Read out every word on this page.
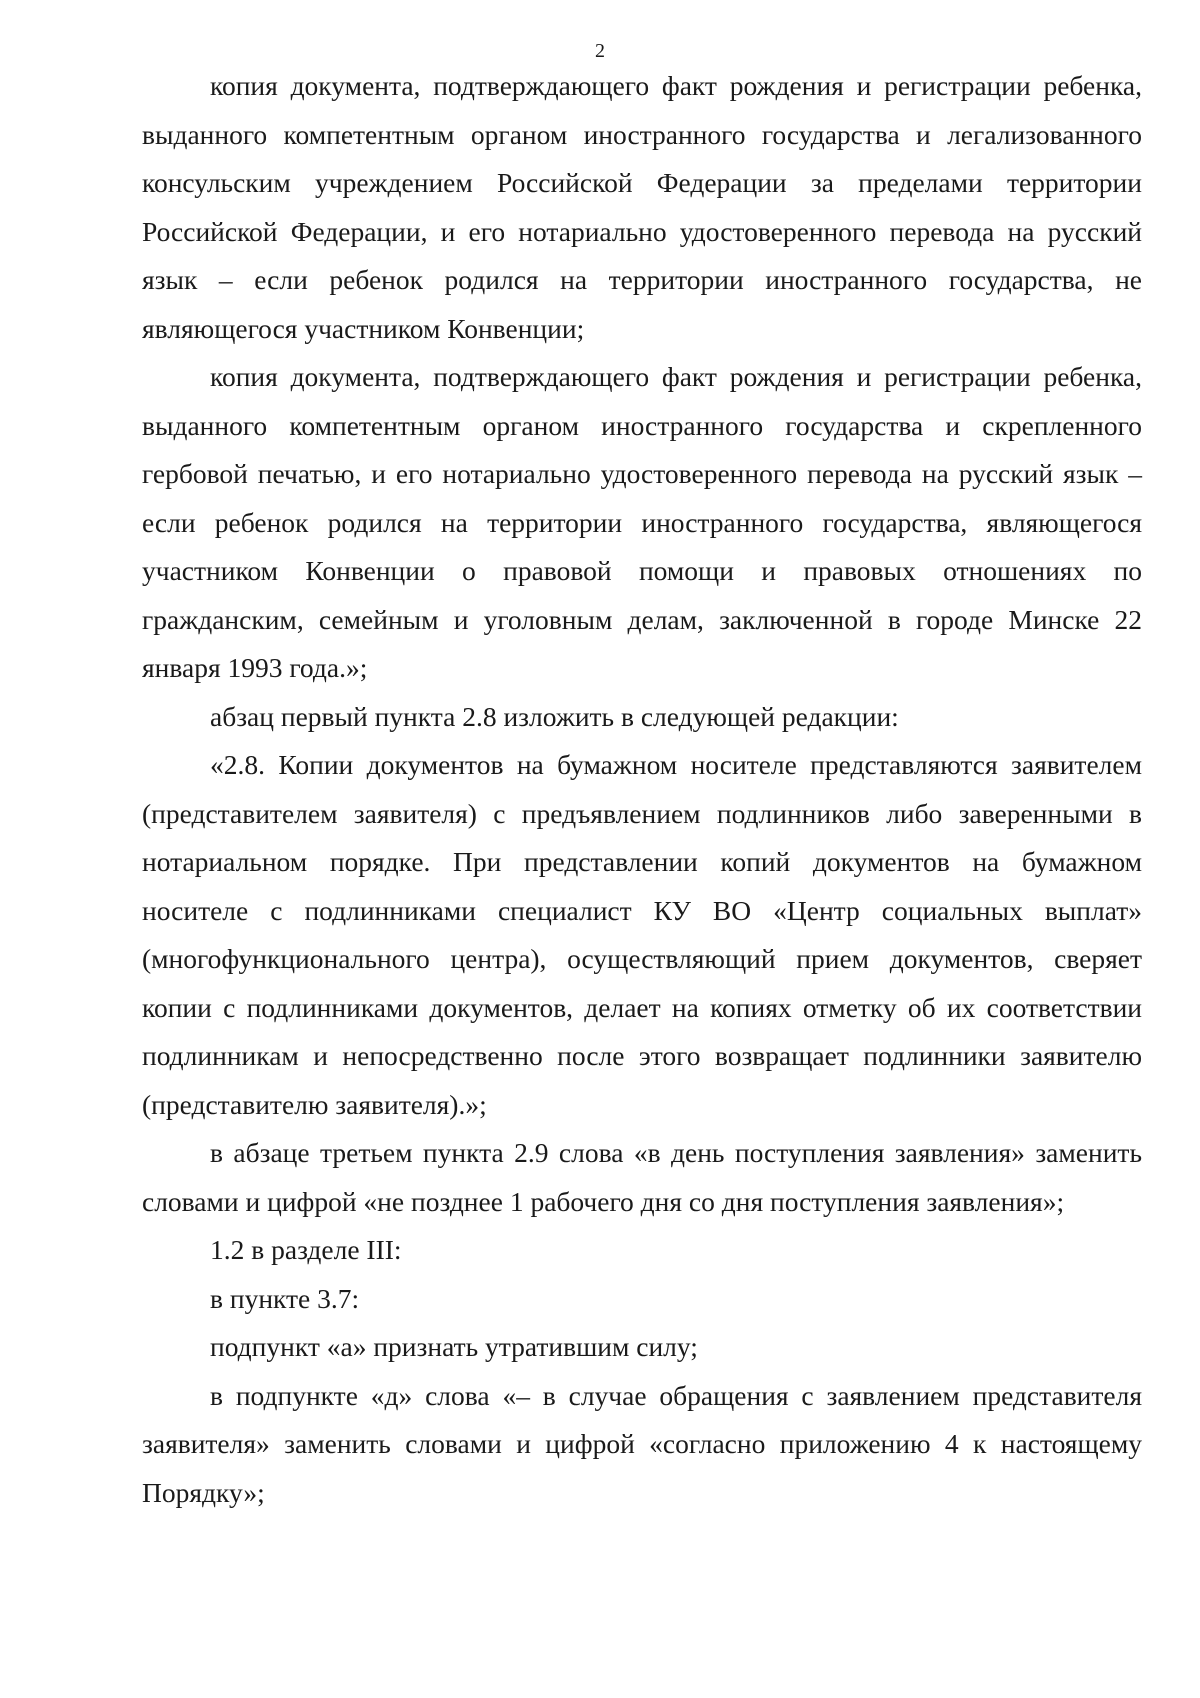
2

копия документа, подтверждающего факт рождения и регистрации ребенка, выданного компетентным органом иностранного государства и легализованного консульским учреждением Российской Федерации за пределами территории Российской Федерации, и его нотариально удостоверенного перевода на русский язык – если ребенок родился на территории иностранного государства, не являющегося участником Конвенции;

копия документа, подтверждающего факт рождения и регистрации ребенка, выданного компетентным органом иностранного государства и скрепленного гербовой печатью, и его нотариально удостоверенного перевода на русский язык – если ребенок родился на территории иностранного государства, являющегося участником Конвенции о правовой помощи и правовых отношениях по гражданским, семейным и уголовным делам, заключенной в городе Минске 22 января 1993 года.»;

абзац первый пункта 2.8 изложить в следующей редакции:

«2.8. Копии документов на бумажном носителе представляются заявителем (представителем заявителя) с предъявлением подлинников либо заверенными в нотариальном порядке. При представлении копий документов на бумажном носителе с подлинниками специалист КУ ВО «Центр социальных выплат» (многофункционального центра), осуществляющий прием документов, сверяет копии с подлинниками документов, делает на копиях отметку об их соответствии подлинникам и непосредственно после этого возвращает подлинники заявителю (представителю заявителя).»;

в абзаце третьем пункта 2.9 слова «в день поступления заявления» заменить словами и цифрой «не позднее 1 рабочего дня со дня поступления заявления»;

1.2 в разделе III:

в пункте 3.7:

подпункт «а» признать утратившим силу;

в подпункте «д» слова «– в случае обращения с заявлением представителя заявителя» заменить словами и цифрой «согласно приложению 4 к настоящему Порядку»;
